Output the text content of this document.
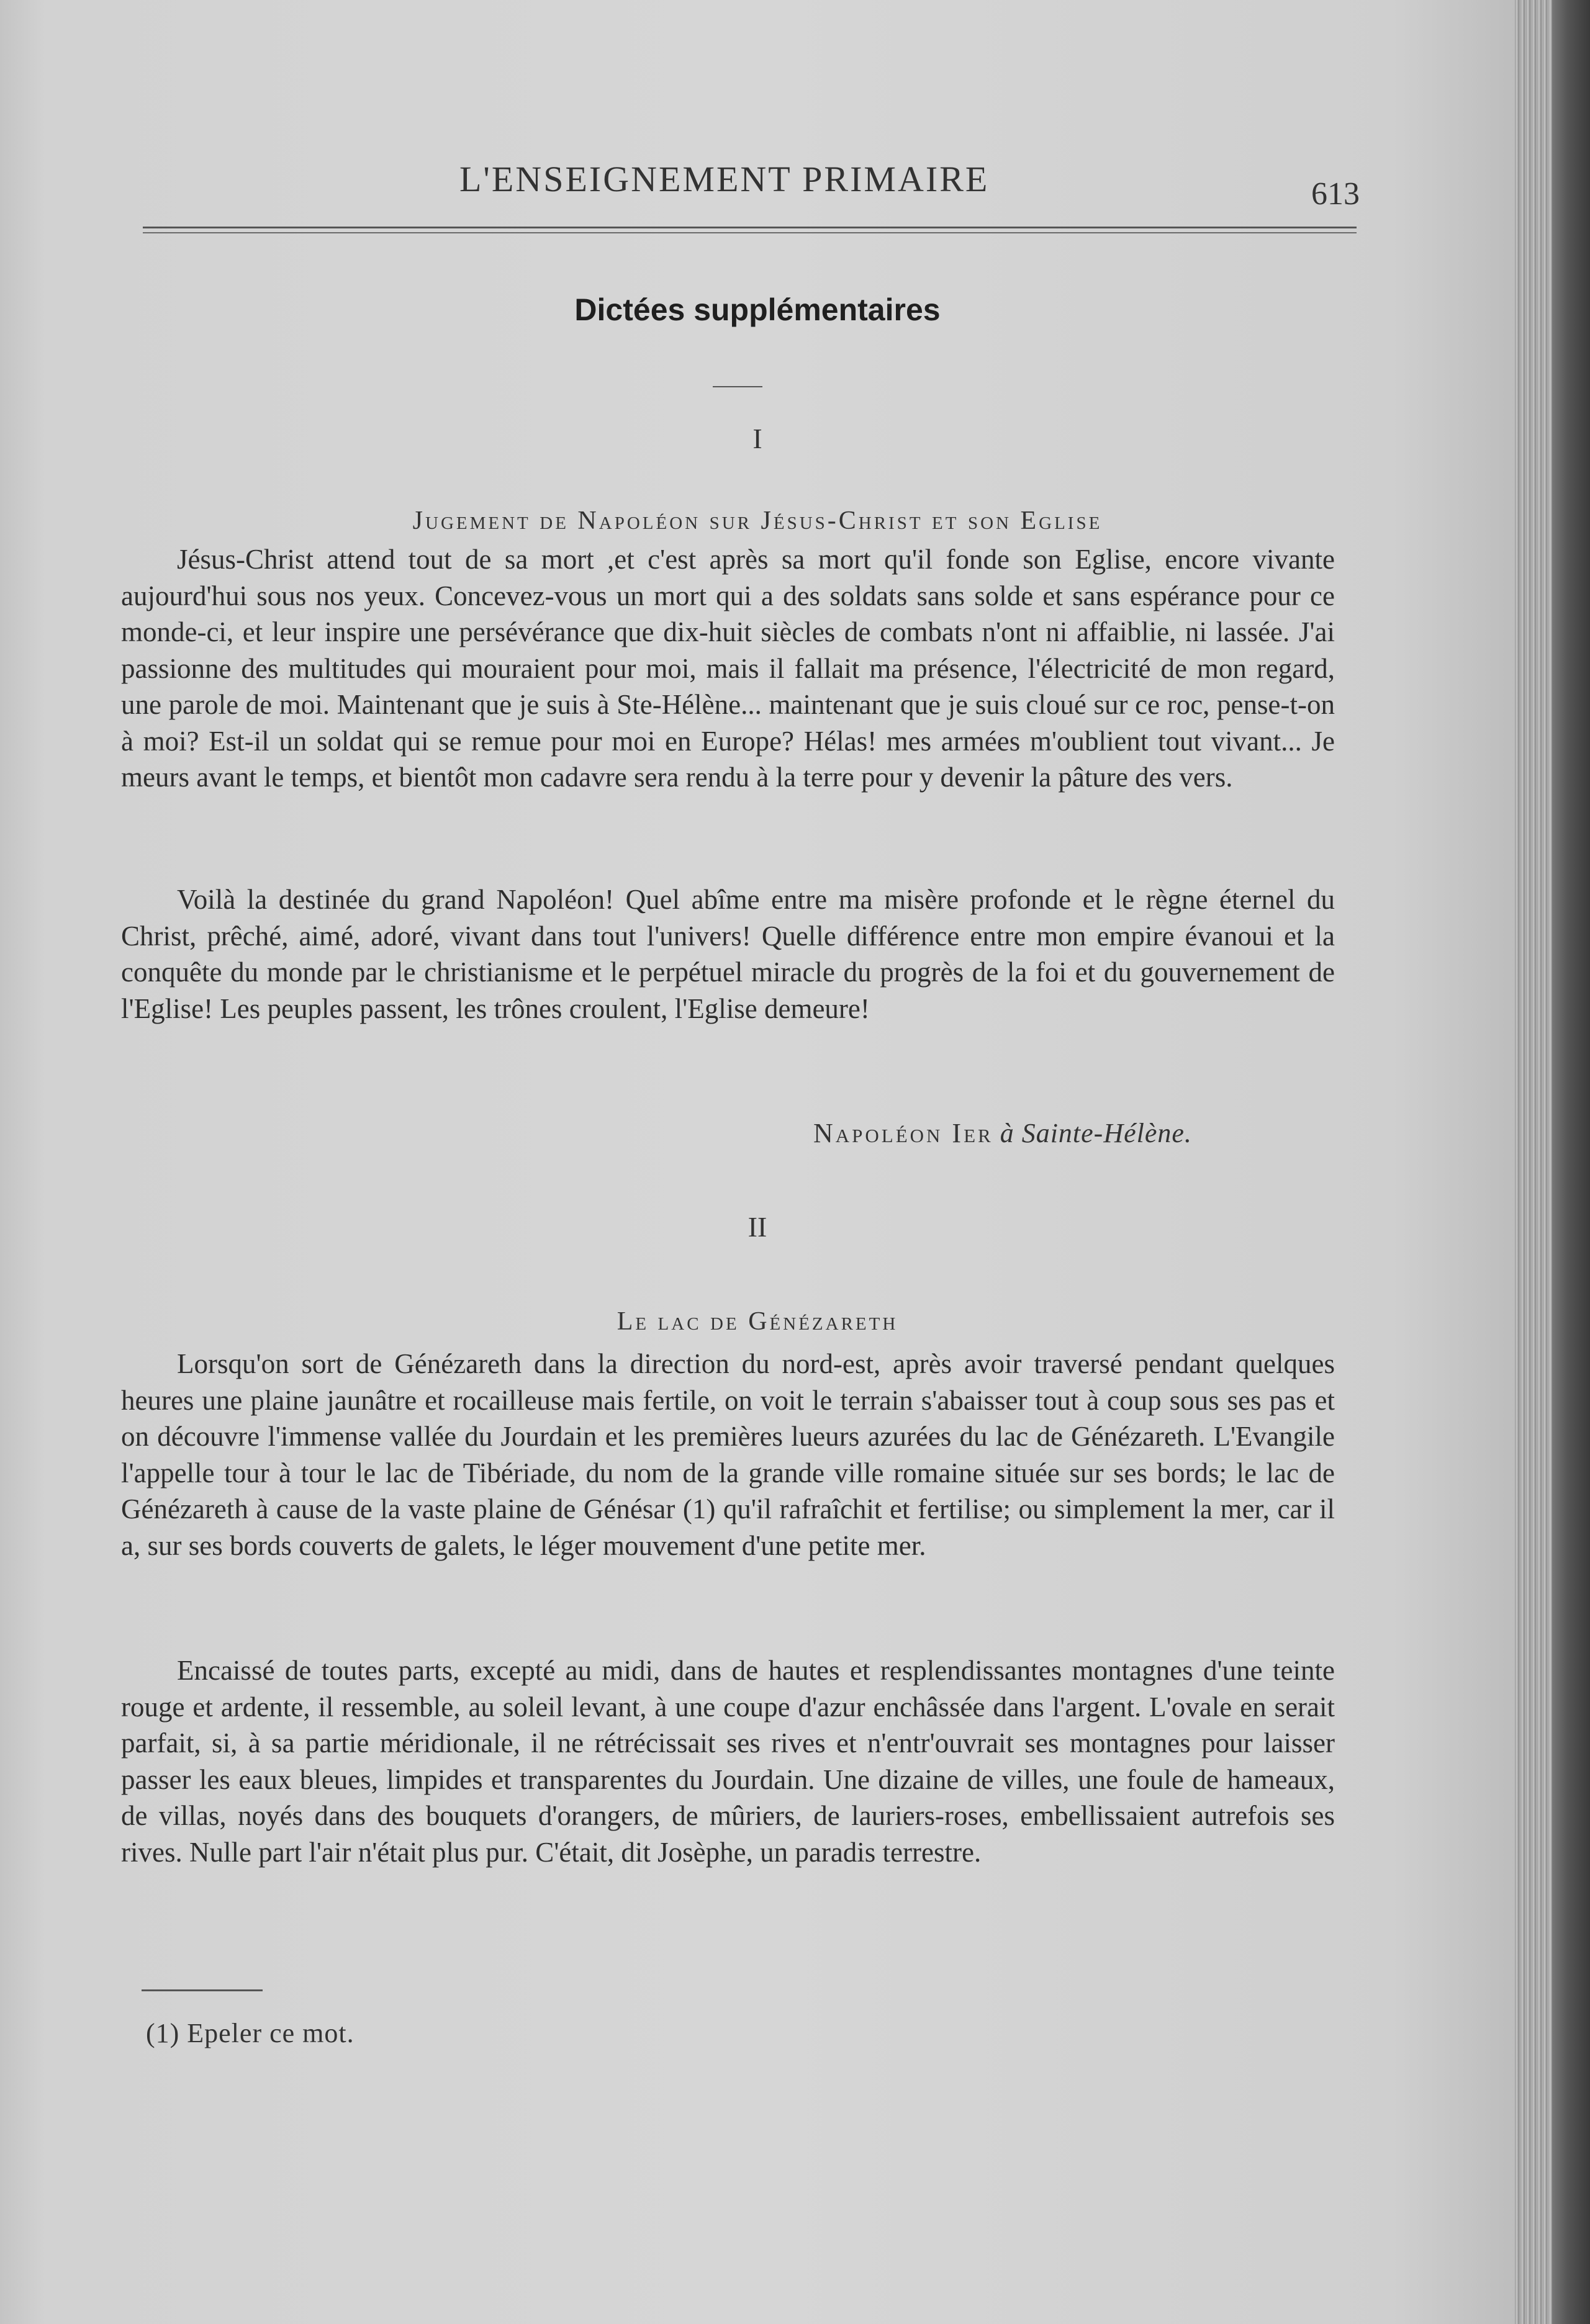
L'ENSEIGNEMENT PRIMAIRE	613
Dictées supplémentaires
I
Jugement de Napoléon sur Jésus-Christ et son Eglise

Jésus-Christ attend tout de sa mort ,et c'est après sa mort qu'il fonde son Eglise, encore vivante aujourd'hui sous nos yeux. Concevez-vous un mort qui a des soldats sans solde et sans espérance pour ce monde-ci, et leur inspire une persévérance que dix-huit siècles de combats n'ont ni affaiblie, ni lassée. J'ai passionne des multitudes qui mouraient pour moi, mais il fallait ma présence, l'électricité de mon regard, une parole de moi. Maintenant que je suis à Ste-Hélène... maintenant que je suis cloué sur ce roc, pense-t-on à moi? Est-il un soldat qui se remue pour moi en Europe? Hélas! mes armées m'oublient tout vivant... Je meurs avant le temps, et bientôt mon cadavre sera rendu à la terre pour y devenir la pâture des vers.

Voilà la destinée du grand Napoléon! Quel abîme entre ma misère profonde et le règne éternel du Christ, prêché, aimé, adoré, vivant dans tout l'univers! Quelle différence entre mon empire évanoui et la conquête du monde par le christianisme et le perpétuel miracle du progrès de la foi et du gouvernement de l'Eglise! Les peuples passent, les trônes croulent, l'Eglise demeure!

Napoléon Ier à Sainte-Hélène.
II
Le lac de Génézareth

Lorsqu'on sort de Génézareth dans la direction du nord-est, après avoir traversé pendant quelques heures une plaine jaunâtre et rocailleuse mais fertile, on voit le terrain s'abaisser tout à coup sous ses pas et on découvre l'immense vallée du Jourdain et les premières lueurs azurées du lac de Génézareth. L'Evangile l'appelle tour à tour le lac de Tibériade, du nom de la grande ville romaine située sur ses bords; le lac de Génézareth à cause de la vaste plaine de Génésar (1) qu'il rafraîchit et fertilise; ou simplement la mer, car il a, sur ses bords couverts de galets, le léger mouvement d'une petite mer.

Encaissé de toutes parts, excepté au midi, dans de hautes et resplendissantes montagnes d'une teinte rouge et ardente, il ressemble, au soleil levant, à une coupe d'azur enchâssée dans l'argent. L'ovale en serait parfait, si, à sa partie méridionale, il ne rétrécissait ses rives et n'entr'ouvrait ses montagnes pour laisser passer les eaux bleues, limpides et transparentes du Jourdain. Une dizaine de villes, une foule de hameaux, de villas, noyés dans des bouquets d'orangers, de mûriers, de lauriers-roses, embellissaient autrefois ses rives. Nulle part l'air n'était plus pur. C'était, dit Josèphe, un paradis terrestre.

(1) Epeler ce mot.
